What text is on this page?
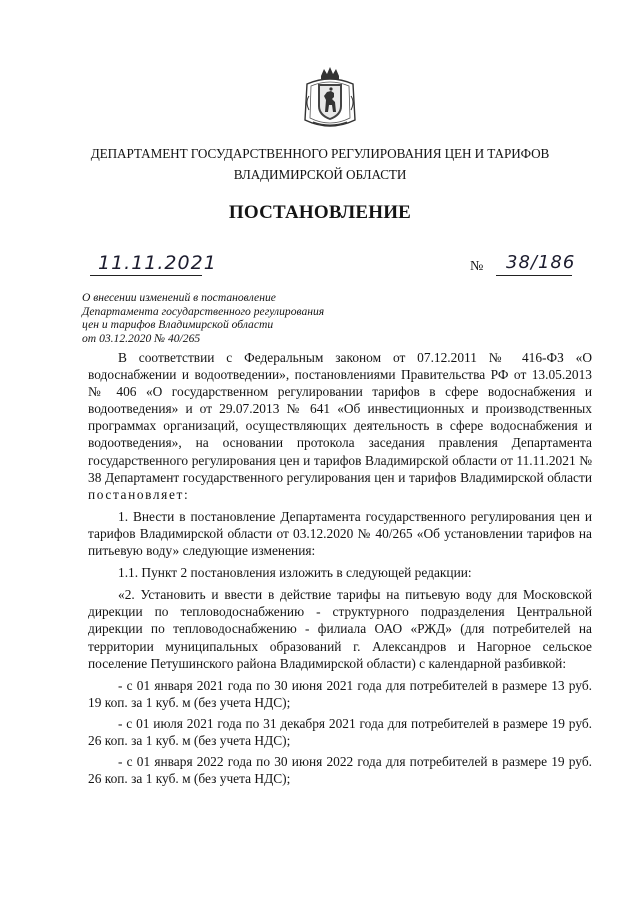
ДЕПАРТАМЕНТ ГОСУДАРСТВЕННОГО РЕГУЛИРОВАНИЯ ЦЕН И ТАРИФОВ
ВЛАДИМИРСКОЙ ОБЛАСТИ
ПОСТАНОВЛЕНИЕ
11.11.2021	№ 38/186
О внесении изменений в постановление
Департамента государственного регулирования
цен и тарифов Владимирской области
от 03.12.2020 № 40/265

В соответствии с Федеральным законом от 07.12.2011 № 416-ФЗ «О водоснабжении и водоотведении», постановлениями Правительства РФ от 13.05.2013 № 406 «О государственном регулировании тарифов в сфере водоснабжения и водоотведения» и от 29.07.2013 № 641 «Об инвестиционных и производственных программах организаций, осуществляющих деятельность в сфере водоснабжения и водоотведения», на основании протокола заседания правления Департамента государственного регулирования цен и тарифов Владимирской области от 11.11.2021 № 38 Департамент государственного регулирования цен и тарифов Владимирской области постановляет:

1. Внести в постановление Департамента государственного регулирования цен и тарифов Владимирской области от 03.12.2020 № 40/265 «Об установлении тарифов на питьевую воду» следующие изменения:

1.1. Пункт 2 постановления изложить в следующей редакции:

«2. Установить и ввести в действие тарифы на питьевую воду для Московской дирекции по тепловодоснабжению - структурного подразделения Центральной дирекции по тепловодоснабжению - филиала ОАО «РЖД» (для потребителей на территории муниципальных образований г. Александров и Нагорное сельское поселение Петушинского района Владимирской области) с календарной разбивкой:

- с 01 января 2021 года по 30 июня 2021 года для потребителей в размере 13 руб. 19 коп. за 1 куб. м (без учета НДС);

- с 01 июля 2021 года по 31 декабря 2021 года для потребителей в размере 19 руб. 26 коп. за 1 куб. м (без учета НДС);

- с 01 января 2022 года по 30 июня 2022 года для потребителей в размере 19 руб. 26 коп. за 1 куб. м (без учета НДС);
